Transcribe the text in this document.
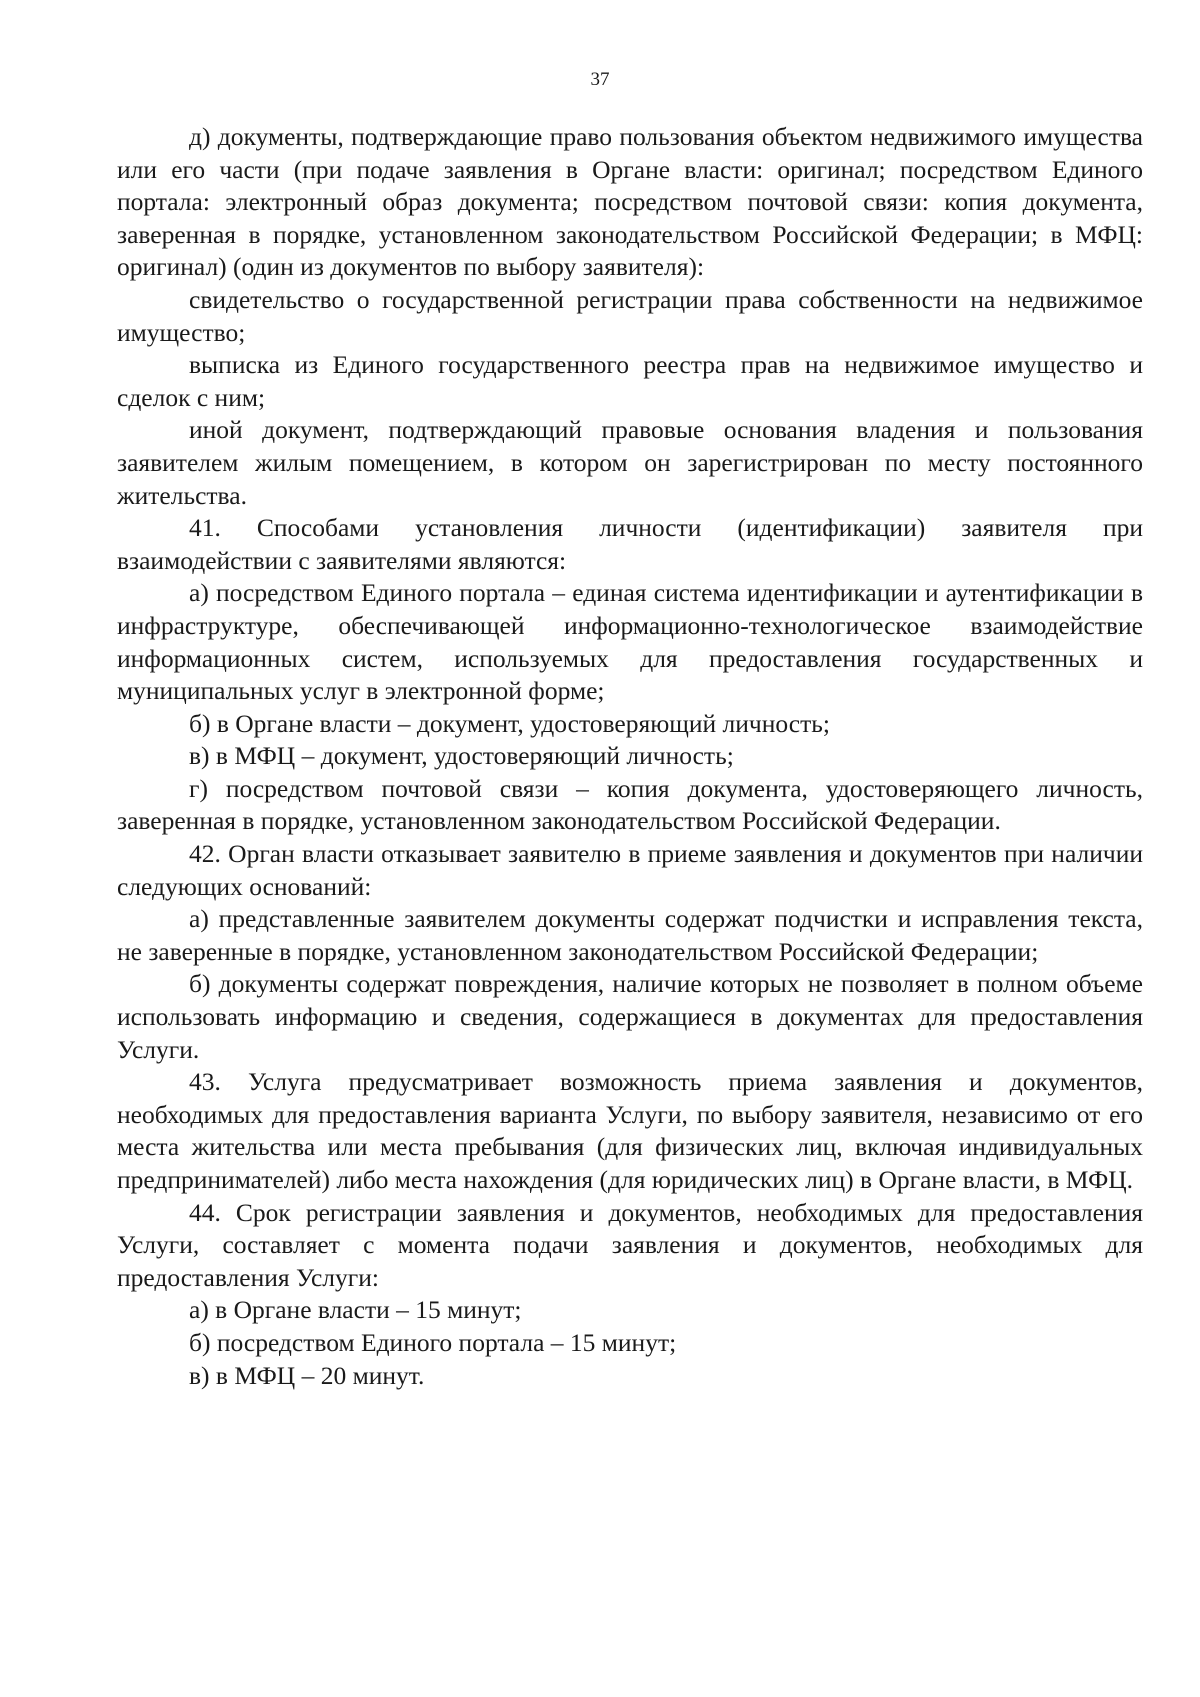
37

д) документы, подтверждающие право пользования объектом недвижимого имущества или его части (при подаче заявления в Органе власти: оригинал; посредством Единого портала: электронный образ документа; посредством почтовой связи: копия документа, заверенная в порядке, установленном законодательством Российской Федерации; в МФЦ: оригинал) (один из документов по выбору заявителя):

свидетельство о государственной регистрации права собственности на недвижимое имущество;

выписка из Единого государственного реестра прав на недвижимое имущество и сделок с ним;

иной документ, подтверждающий правовые основания владения и пользования заявителем жилым помещением, в котором он зарегистрирован по месту постоянного жительства.

41. Способами установления личности (идентификации) заявителя при взаимодействии с заявителями являются:

а) посредством Единого портала – единая система идентификации и аутентификации в инфраструктуре, обеспечивающей информационно-технологическое взаимодействие информационных систем, используемых для предоставления государственных и муниципальных услуг в электронной форме;

б) в Органе власти – документ, удостоверяющий личность;

в) в МФЦ – документ, удостоверяющий личность;

г) посредством почтовой связи – копия документа, удостоверяющего личность, заверенная в порядке, установленном законодательством Российской Федерации.

42. Орган власти отказывает заявителю в приеме заявления и документов при наличии следующих оснований:

а) представленные заявителем документы содержат подчистки и исправления текста, не заверенные в порядке, установленном законодательством Российской Федерации;

б) документы содержат повреждения, наличие которых не позволяет в полном объеме использовать информацию и сведения, содержащиеся в документах для предоставления Услуги.

43. Услуга предусматривает возможность приема заявления и документов, необходимых для предоставления варианта Услуги, по выбору заявителя, независимо от его места жительства или места пребывания (для физических лиц, включая индивидуальных предпринимателей) либо места нахождения (для юридических лиц) в Органе власти, в МФЦ.

44. Срок регистрации заявления и документов, необходимых для предоставления Услуги, составляет с момента подачи заявления и документов, необходимых для предоставления Услуги:

а) в Органе власти – 15 минут;

б) посредством Единого портала – 15 минут;

в) в МФЦ – 20 минут.
